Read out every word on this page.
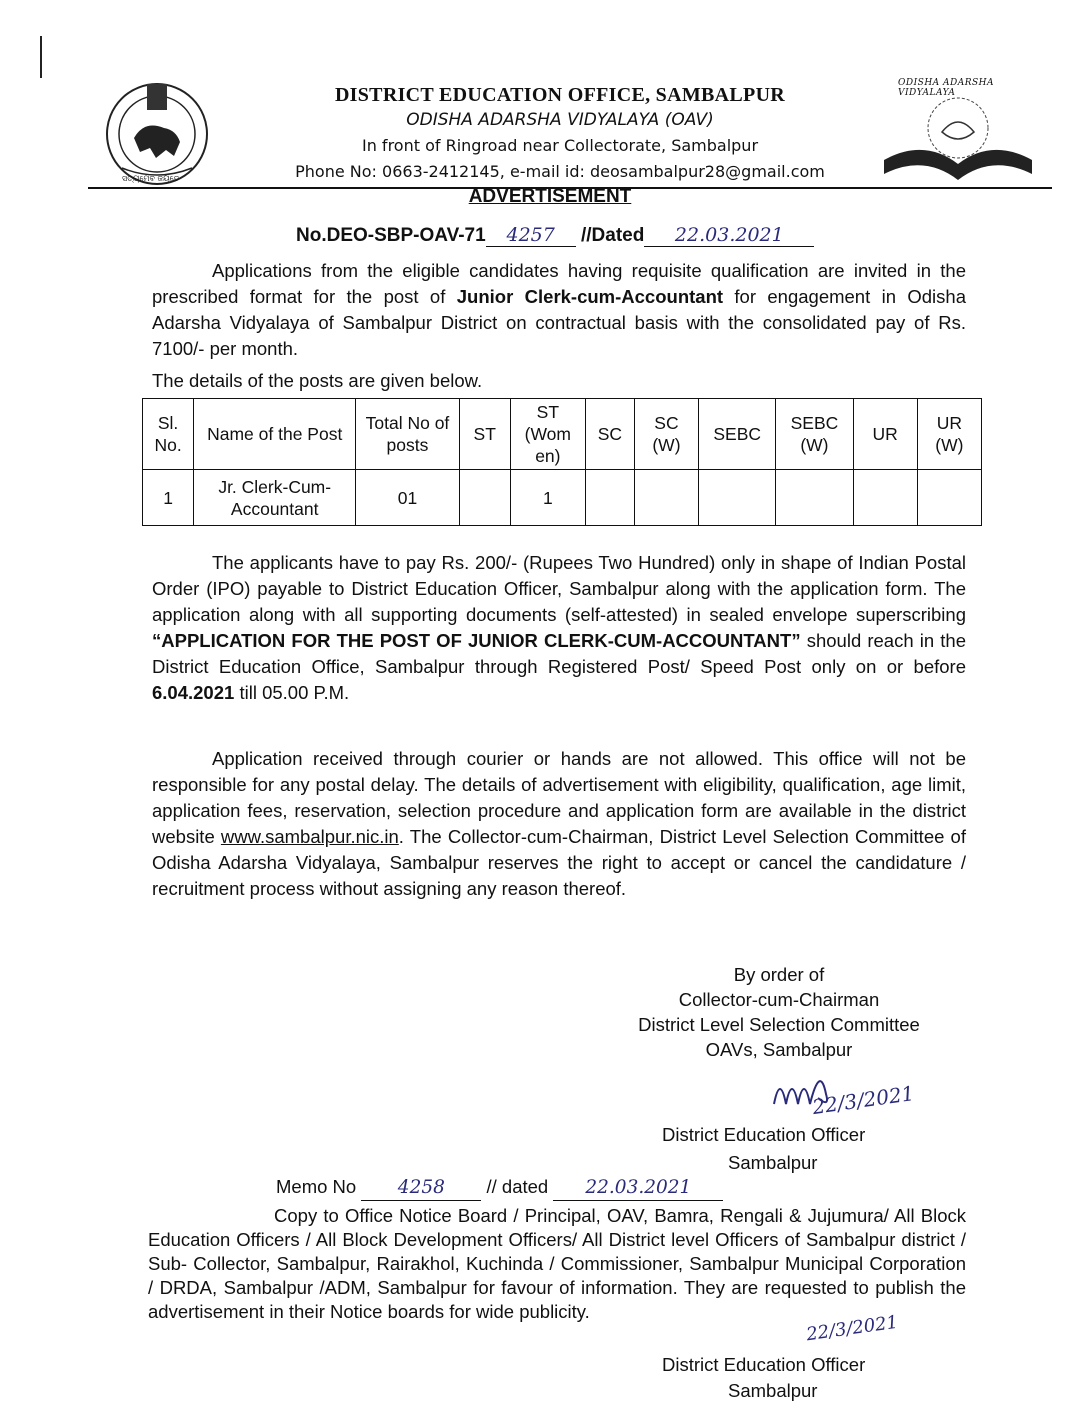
ସତ୍ୟମେବ ଜୟତେ
ODISHA ADARSHA VIDYALAYA
DISTRICT EDUCATION OFFICE, SAMBALPUR
ODISHA ADARSHA VIDYALAYA (OAV)
In front of Ringroad near Collectorate, Sambalpur
Phone No: 0663-2412145, e-mail id: deosambalpur28@gmail.com
ADVERTISEMENT
No.DEO-SBP-OAV-71 4257 //Dated 22.03.2021
Applications from the eligible candidates having requisite qualification are invited in the prescribed format for the post of Junior Clerk-cum-Accountant for engagement in Odisha Adarsha Vidyalaya of Sambalpur District on contractual basis with the consolidated pay of Rs. 7100/- per month.
The details of the posts are given below.
Sl. No.	Name of the Post	Total No of posts	ST	ST (Wom en)	SC	SC (W)	SEBC	SEBC (W)	UR	UR (W)
1	Jr. Clerk-Cum-Accountant	01		1						
The applicants have to pay Rs. 200/- (Rupees Two Hundred) only in shape of Indian Postal Order (IPO) payable to District Education Officer, Sambalpur along with the application form. The application along with all supporting documents (self-attested) in sealed envelope superscribing “APPLICATION FOR THE POST OF JUNIOR CLERK-CUM-ACCOUNTANT” should reach in the District Education Office, Sambalpur through Registered Post/ Speed Post only on or before 6.04.2021 till 05.00 P.M.
Application received through courier or hands are not allowed. This office will not be responsible for any postal delay. The details of advertisement with eligibility, qualification, age limit, application fees, reservation, selection procedure and application form are available in the district website www.sambalpur.nic.in. The Collector-cum-Chairman, District Level Selection Committee of Odisha Adarsha Vidyalaya, Sambalpur reserves the right to accept or cancel the candidature / recruitment process without assigning any reason thereof.
By order of
Collector-cum-Chairman
District Level Selection Committee
OAVs, Sambalpur
22/3/2021
District Education Officer
Sambalpur
Memo No 4258 // dated 22.03.2021
Copy to Office Notice Board / Principal, OAV, Bamra, Rengali & Jujumura/ All Block Education Officers / All Block Development Officers/ All District level Officers of Sambalpur district / Sub- Collector, Sambalpur, Rairakhol, Kuchinda / Commissioner, Sambalpur Municipal Corporation / DRDA, Sambalpur /ADM, Sambalpur for favour of information. They are requested to publish the advertisement in their Notice boards for wide publicity.
22/3/2021
District Education Officer
Sambalpur
